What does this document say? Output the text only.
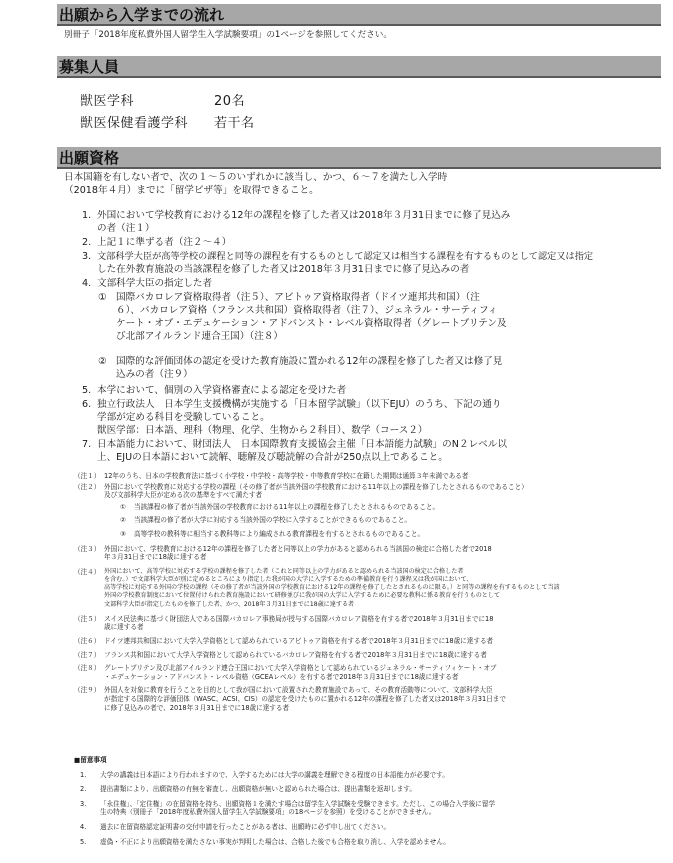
出願から入学までの流れ
別冊子「2018年度私費外国人留学生入学試験要項」の1ページを参照してください。
募集人員
獣医学科	20名
獣医保健看護学科 若干名
出願資格
日本国籍を有しない者で、次の１～５のいずれかに該当し、かつ、６～７を満たし入学時
（2018年４月）までに「留学ビザ等」を取得できること。
1. 外国において学校教育における12年の課程を修了した者又は2018年３月31日までに修了見込み
の者（注１）
2. 上記１に準ずる者（注２～４）
3. 文部科学大臣が高等学校の課程と同等の課程を有するものとして認定又は相当する課程を有するものとして認定又は指定
した在外教育施設の当該課程を修了した者又は2018年３月31日までに修了見込みの者
4. 文部科学大臣の指定した者
① 国際バカロレア資格取得者（注５）、アビトゥア資格取得者（ドイツ連邦共和国）（注
６）、バカロレア資格（フランス共和国）資格取得者（注７）、ジェネラル・サーティフィ
ケート・オブ・エデュケーション・アドバンスト・レベル資格取得者（グレートブリテン及
び北部アイルランド連合王国）（注８）
② 国際的な評価団体の認定を受けた教育施設に置かれる12年の課程を修了した者又は修了見
込みの者（注９）
5. 本学において、個別の入学資格審査による認定を受けた者
6. 独立行政法人　日本学生支援機構が実施する「日本留学試験」（以下EJU）のうち、下記の通り
学部が定める科目を受験していること。
獣医学部：日本語、理科（物理、化学、生物から２科目）、数学（コース２）
7. 日本語能力において、財団法人　日本国際教育支援協会主催「日本語能力試験」のN２レベル以
上、EJUの日本語において読解、聴解及び聴読解の合計が250点以上であること。
（注１） 12年のうち、日本の学校教育法に基づく小学校・中学校・高等学校・中等教育学校に在籍した期間は通算３年未満である者
（注２） 外国において学校教育に対応する学校の課程（その修了者が当該外国の学校教育における11年以上の課程を修了したとされるものであること）
及び文部科学大臣が定める次の基準をすべて満たす者
① 当該課程の修了者が当該外国の学校教育における11年以上の課程を修了したとされるものであること。
② 当該課程の修了者が大学に対応する当該外国の学校に入学することができるものであること。
③ 高等学校の教科等に相当する教科等により編成される教育課程を有するとされるものであること。
（注３） 外国において、学校教育における12年の課程を修了した者と同等以上の学力があると認められる当該国の検定に合格した者で2018
年３月31日までに18歳に達する者
（注４） 外国において、高等学校に対応する学校の課程を修了した者（これと同等以上の学力があると認められる当該国の検定に合格した者
を含む。）で文部科学大臣が別に定めるところにより指定した我が国の大学に入学するための準備教育を行う課程又は我が国において、
高等学校に対応する外国の学校の課程（その修了者が当該外国の学校教育における12年の課程を修了したとされるものに限る。）と同等の課程を有するものとして当該
外国の学校教育制度において位置付けられた教育施設において研修並びに我が国の大学に入学するために必要な教科に係る教育を行うものとして
文部科学大臣が指定したものを修了した者、かつ、2018年３月31日までに18歳に達する者
（注５） スイス民法典に基づく財団法人である国際バカロレア事務局が授与する国際バカロレア資格を有する者で2018年３月31日までに18
歳に達する者
（注６） ドイツ連邦共和国において大学入学資格として認められているアビトゥア資格を有する者で2018年３月31日までに18歳に達する者
（注７） フランス共和国において大学入学資格として認められているバカロレア資格を有する者で2018年３月31日までに18歳に達する者
（注８） グレートブリテン及び北部アイルランド連合王国において大学入学資格として認められているジェネラル・サーティフィケート・オブ
・エデュケーション・アドバンスト・レベル資格（GCEAレベル）を有する者で2018年３月31日までに18歳に達する者
（注９） 外国人を対象に教育を行うことを目的として我が国において設置された教育施設であって、その教育活動等について、文部科学大臣
が指定する国際的な評価団体（WASC、ACSI、CIS）の認定を受けたものに置かれる12年の課程を修了した者又は2018年３月31日まで
に修了見込みの者で、2018年３月31日までに18歳に達する者
■留意事項
1.	大学の講義は日本語により行われますので、入学するためには大学の講義を理解できる程度の日本語能力が必要です。
2.	提出書類により、出願資格の有無を審査し、出願資格が無いと認められた場合は、提出書類を返却します。
3.	「永住権」、「定住権」の在留資格を持ち、出願資格１を満たす場合は留学生入学試験を受験できます。ただし、この場合入学後に留学
生の特典（別冊子「2018年度私費外国人留学生入学試験要項」の18ページを参照）を受けることができません。
4.	過去に在留資格認定証明書の交付申請を行ったことがある者は、出願時に必ず申し出てください。
5.	虚偽・不正により出願資格を満たさない事実が判明した場合は、合格した後でも合格を取り消し、入学を認めません。
